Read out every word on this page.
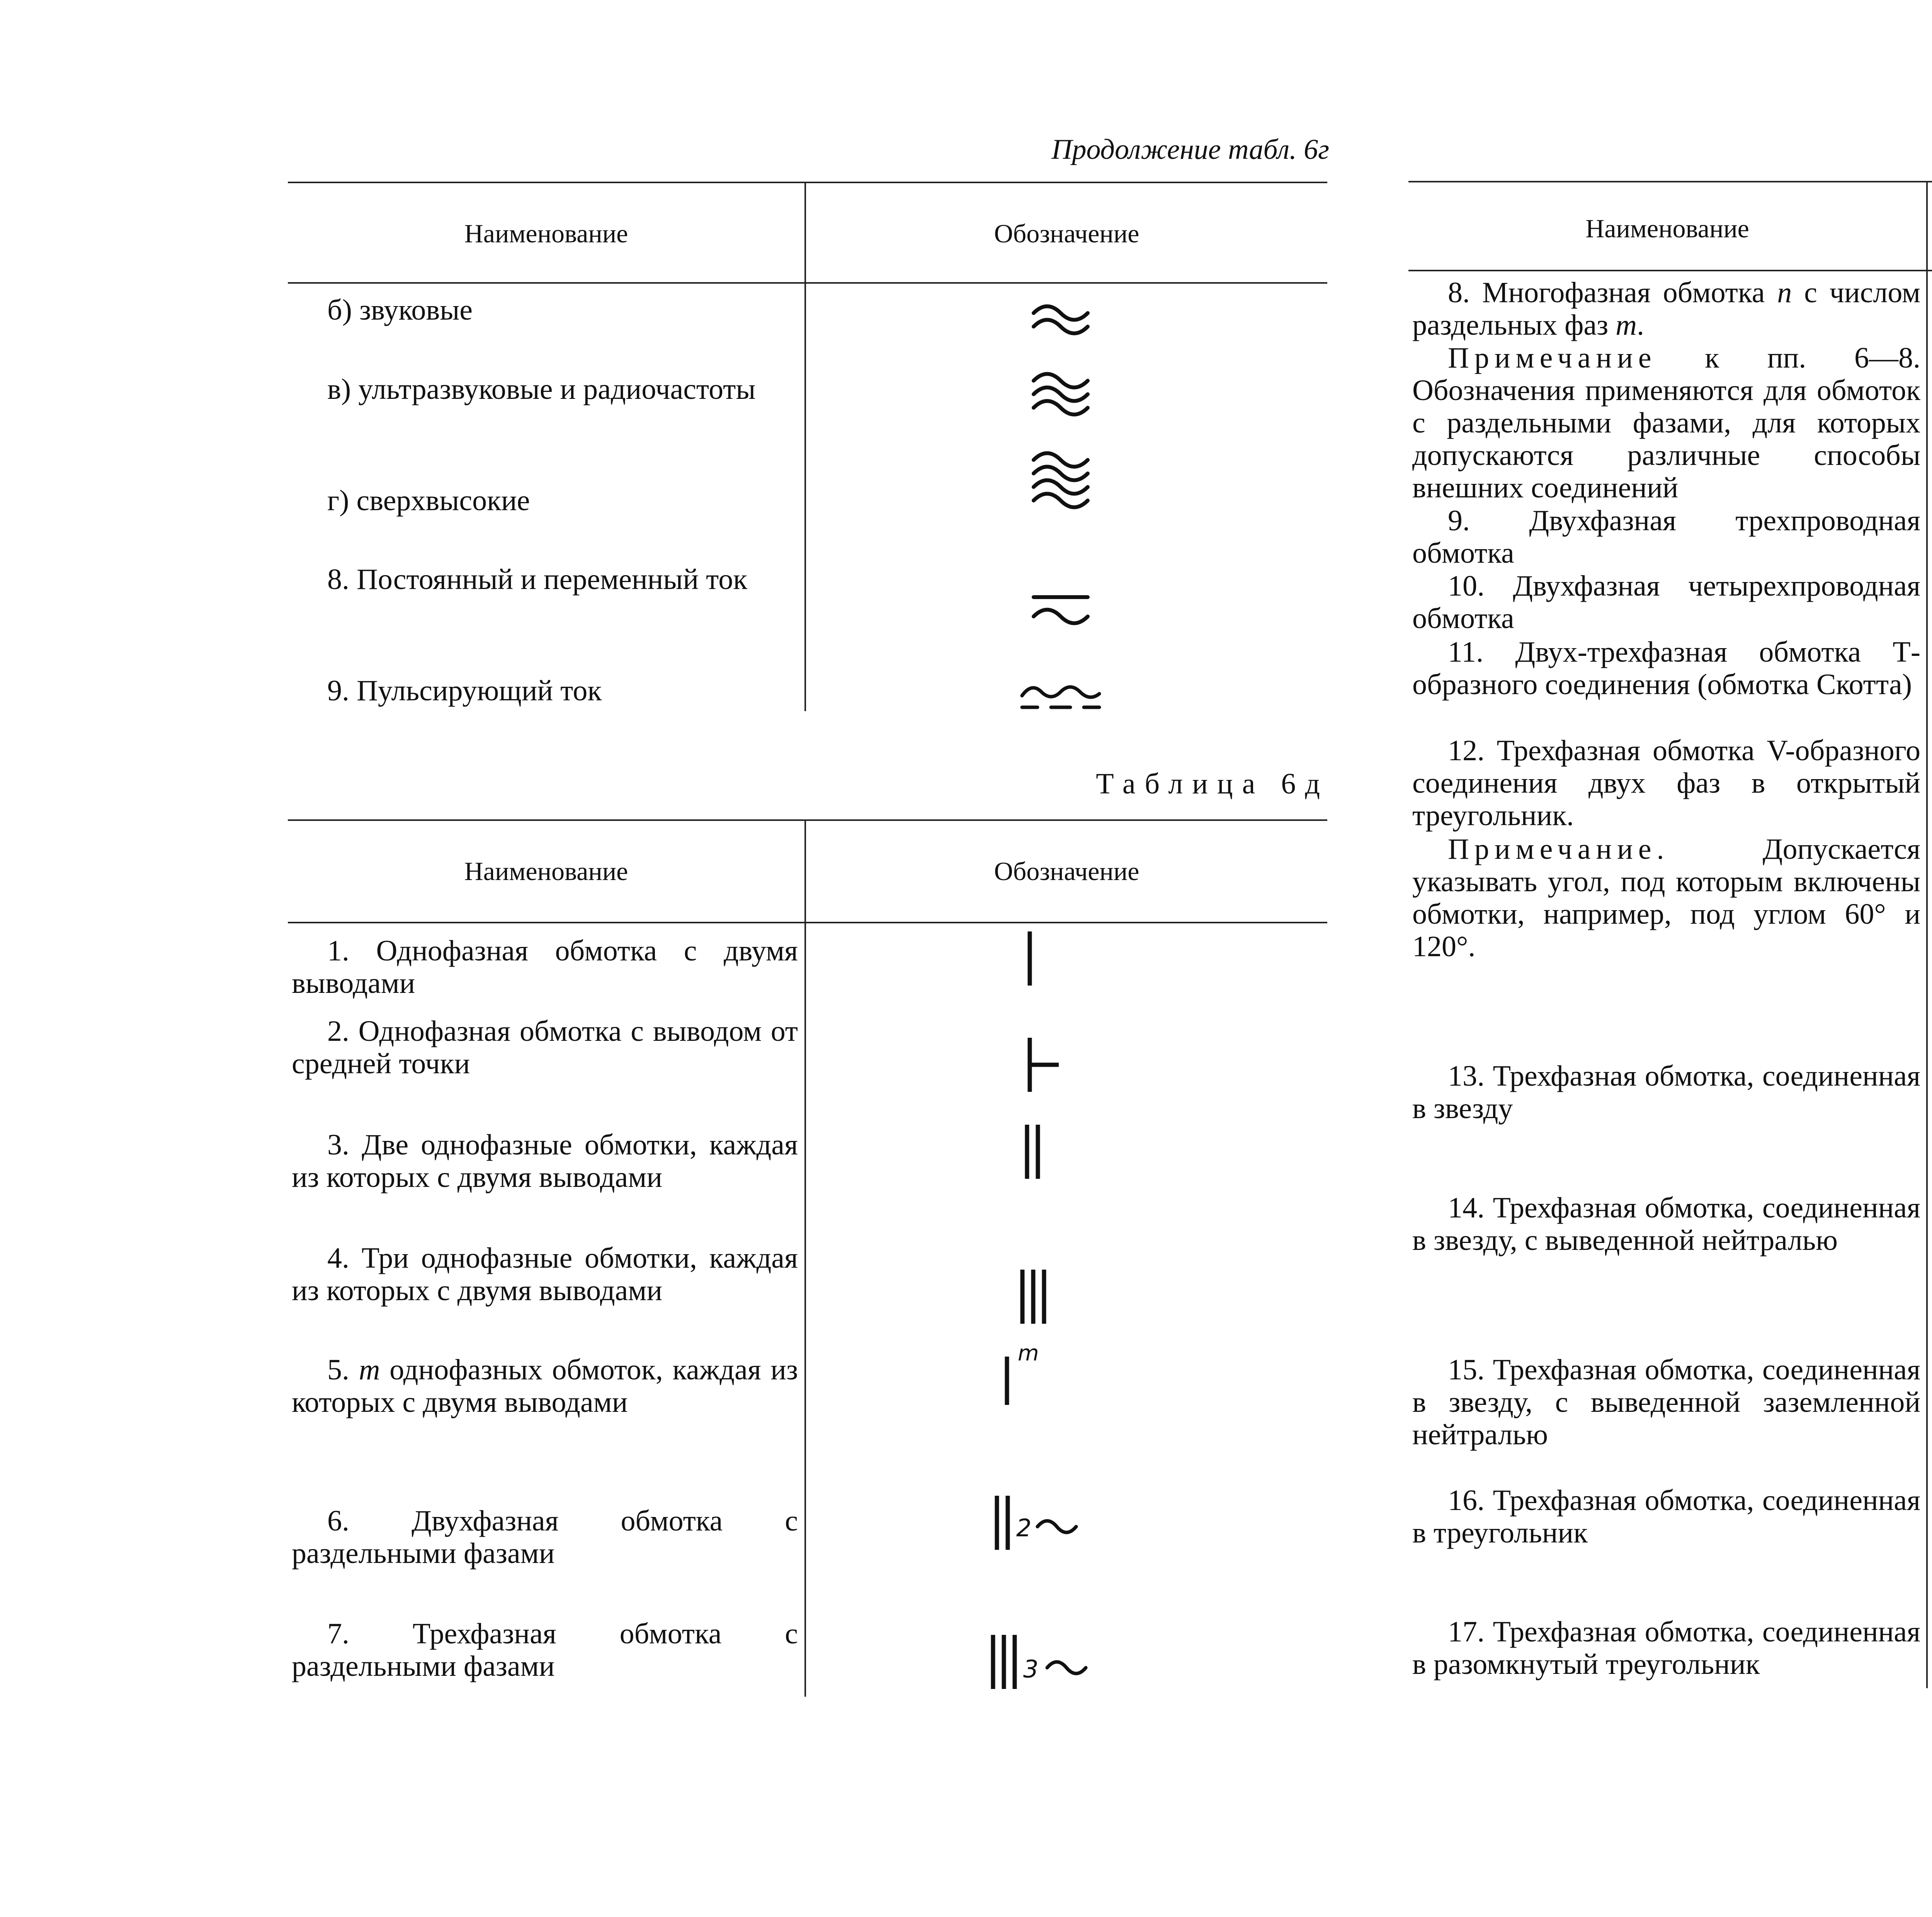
Продолжение табл. 6г
Наименование	Обозначение
б) звуковые
в) ультразвуковые и радиочастоты
г) сверхвысокие
8. Постоянный и переменный ток
9. Пульсирующий ток
Таблица 6д
Наименование	Обозначение
1. Однофазная обмотка с двумя выводами
2. Однофазная обмотка с выводом от средней точки
3. Две однофазные обмотки, каждая из которых с двумя выводами
4. Три однофазные обмотки, каждая из которых с двумя выводами
5. m однофазных обмоток, каждая из которых с двумя выводами
6. Двухфазная обмотка с раздельными фазами
7. Трехфазная обмотка с раздельными фазами
m
2
3
Наименование
8. Многофазная обмотка n с числом раздельных фаз m.
Примечание к пп. 6—8. Обозначения применяются для обмоток с раздельными фазами, для которых допускаются различные способы внешних соединений
9. Двухфазная трехпроводная обмотка
10. Двухфазная четырехпроводная обмотка
11. Двух-трехфазная обмотка Т-образного соединения (обмотка Скотта)
12. Трехфазная обмотка V-образного соединения двух фаз в открытый треугольник.
Примечание. Допускается указывать угол, под которым включены обмотки, например, под углом 60° и 120°.
13. Трехфазная обмотка, соединенная в звезду
14. Трехфазная обмотка, соединенная в звезду, с выведенной нейтралью
15. Трехфазная обмотка, соединенная в звезду, с выведенной заземленной нейтралью
16. Трехфазная обмотка, соединенная в треугольник
17. Трехфазная обмотка, соединенная в разомкнутый треугольник
